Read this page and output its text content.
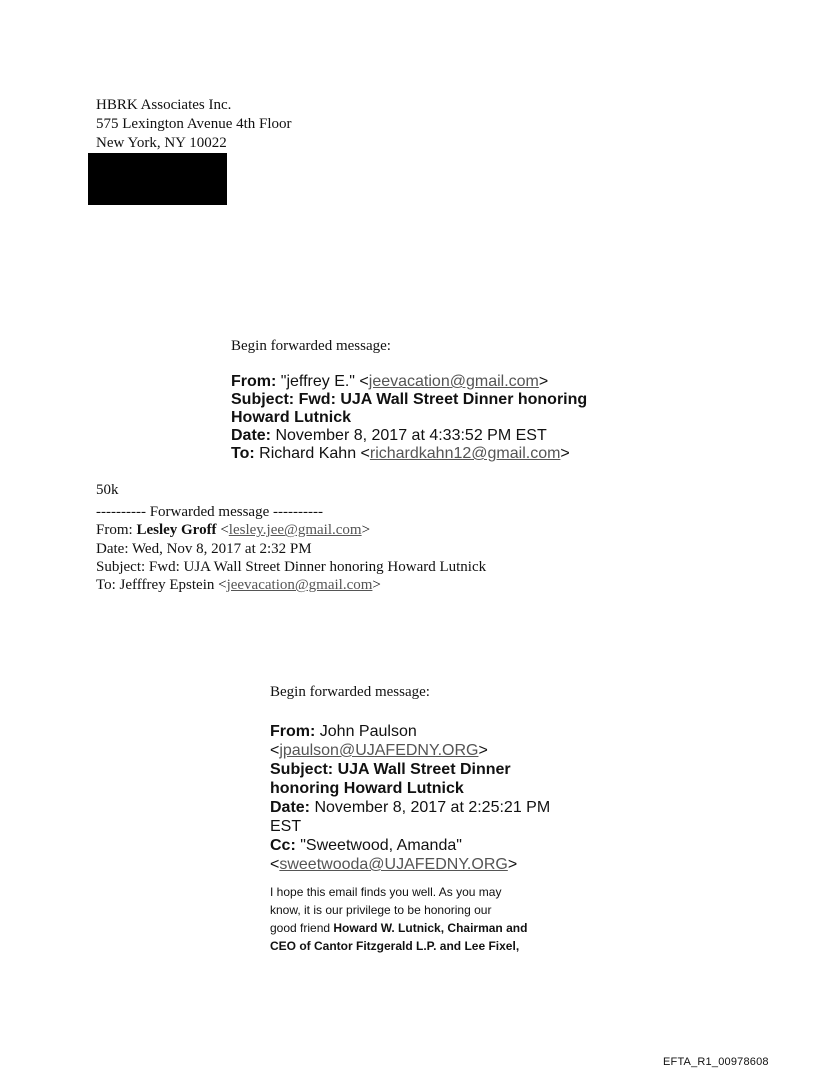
HBRK Associates Inc.
575 Lexington Avenue 4th Floor
New York, NY 10022
Begin forwarded message:
From: "jeffrey E." <jeevacation@gmail.com>
Subject: Fwd: UJA Wall Street Dinner honoring
Howard Lutnick
Date: November 8, 2017 at 4:33:52 PM EST
To: Richard Kahn <richardkahn12@gmail.com>
50k
---------- Forwarded message ----------
From: Lesley Groff <lesley.jee@gmail.com>
Date: Wed, Nov 8, 2017 at 2:32 PM
Subject: Fwd: UJA Wall Street Dinner honoring Howard Lutnick
To: Jefffrey Epstein <jeevacation@gmail.com>
Begin forwarded message:
From: John Paulson
<jpaulson@UJAFEDNY.ORG>
Subject: UJA Wall Street Dinner
honoring Howard Lutnick
Date: November 8, 2017 at 2:25:21 PM
EST
Cc: "Sweetwood, Amanda"
<sweetwooda@UJAFEDNY.ORG>
I hope this email finds you well. As you may
know, it is our privilege to be honoring our
good friend Howard W. Lutnick, Chairman and
CEO of Cantor Fitzgerald L.P. and Lee Fixel,
EFTA_R1_00978608
